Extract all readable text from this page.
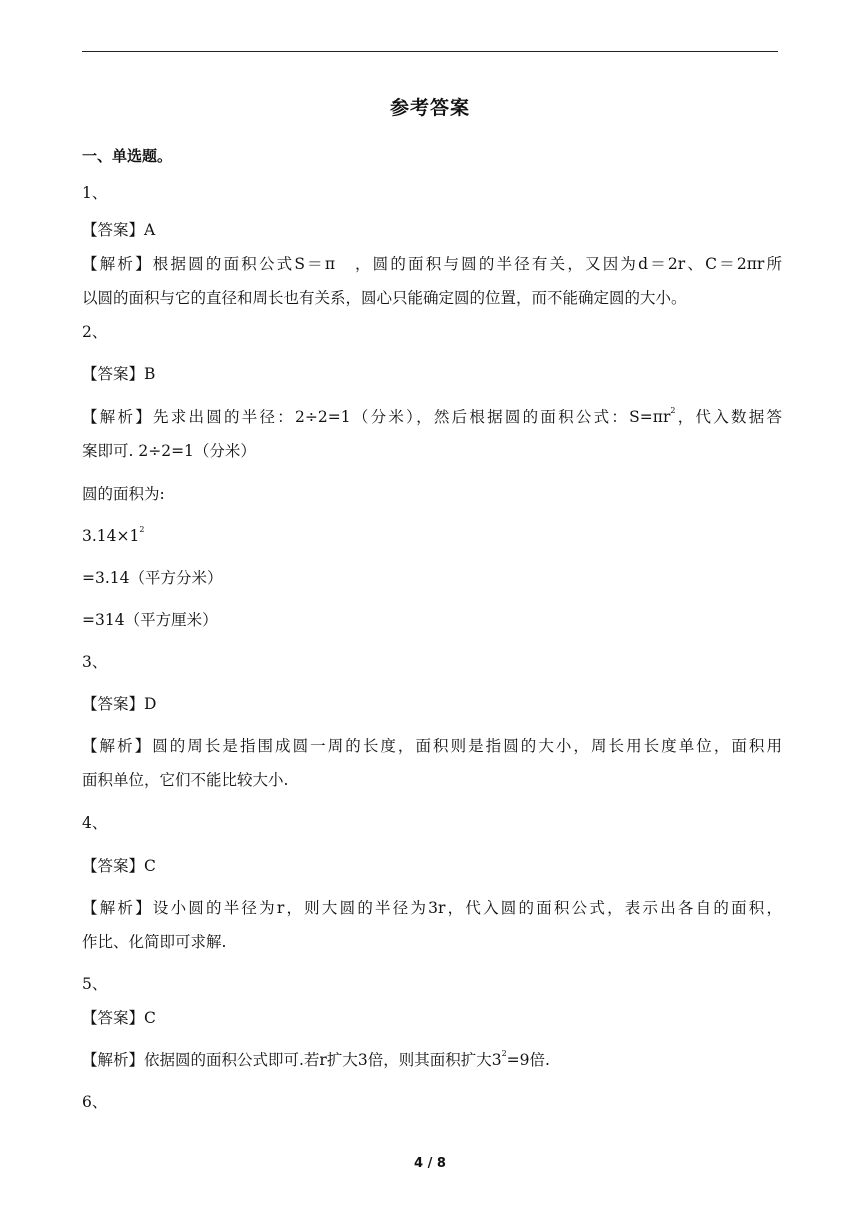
参考答案
一、单选题。
1、
【答案】A
【解析】根据圆的面积公式S＝π　，圆的面积与圆的半径有关，又因为d＝2r、C＝2πr所
以圆的面积与它的直径和周长也有关系，圆心只能确定圆的位置，而不能确定圆的大小。
2、
【答案】B
【解析】先求出圆的半径：2÷2=1（分米），然后根据圆的面积公式：$S=\pi r^2$，代入数据答
案即可. 2÷2=1（分米）
圆的面积为:
$3.14\times 1^2$
=3.14（平方分米）
=314（平方厘米）
3、
【答案】D
【解析】圆的周长是指围成圆一周的长度，面积则是指圆的大小，周长用长度单位，面积用
面积单位，它们不能比较大小.
4、
【答案】C
【解析】设小圆的半径为r，则大圆的半径为3r，代入圆的面积公式，表示出各自的面积，
作比、化简即可求解.
5、
【答案】C
【解析】依据圆的面积公式即可.若r扩大3倍，则其面积扩大$3^2=9$倍.
6、
4 / 8
